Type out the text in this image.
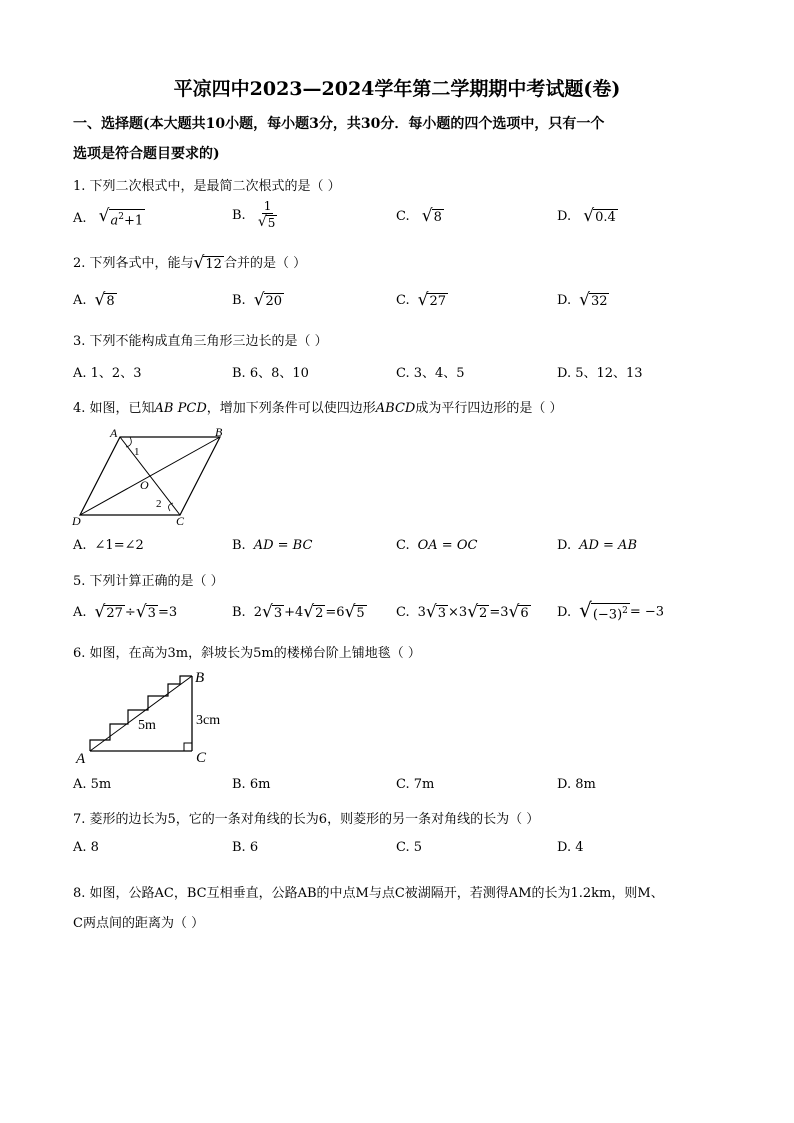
平凉四中2023—2024学年第二学期期中考试题(卷)
一、选择题(本大题共10小题，每小题3分，共30分．每小题的四个选项中，只有一个
选项是符合题目要求的)
1. 下列二次根式中，是最简二次根式的是（ ）
A. √ $a^2+1$	B. $\frac{1}{√ 5}$	C. √ 8	D. √ 0.4
2. 下列各式中，能与 √ 12 合并的是（ ）
A. √ 8	B. √ 20	C. √ 27	D. √ 32
3. 下列不能构成直角三角形三边长的是（ ）
A. 1、2、3	B. 6、8、10	C. 3、4、5	D. 5、12、13
4. 如图，已知AB PCD，增加下列条件可以使四边形ABCD成为平行四边形的是（ ）
A	B
C
D
O
1
2
A. ∠1=∠2	B. AD = BC	C. OA = OC	D. AD = AB
5. 下列计算正确的是（ ）
A. √ 27 ÷ √ 3 =3	B. 2 √ 3 +4 √ 2 =6 √ 5 C. 3 √ 3 ×3 √ 2 =3 √ 6 D. √ $(-3)^2 = -3$
6. 如图，在高为3m，斜坡长为5m的楼梯台阶上铺地毯（ ）
A
B
C
5m	3cm
A. 5m	B. 6m	C. 7m	D. 8m
7. 菱形的边长为5，它的一条对角线的长为6，则菱形的另一条对角线的长为（ ）
A. 8	B. 6	C. 5	D. 4
8. 如图，公路AC，BC互相垂直，公路AB的中点M与点C被湖隔开，若测得AM的长为1.2km，则M、
C两点间的距离为（ ）
